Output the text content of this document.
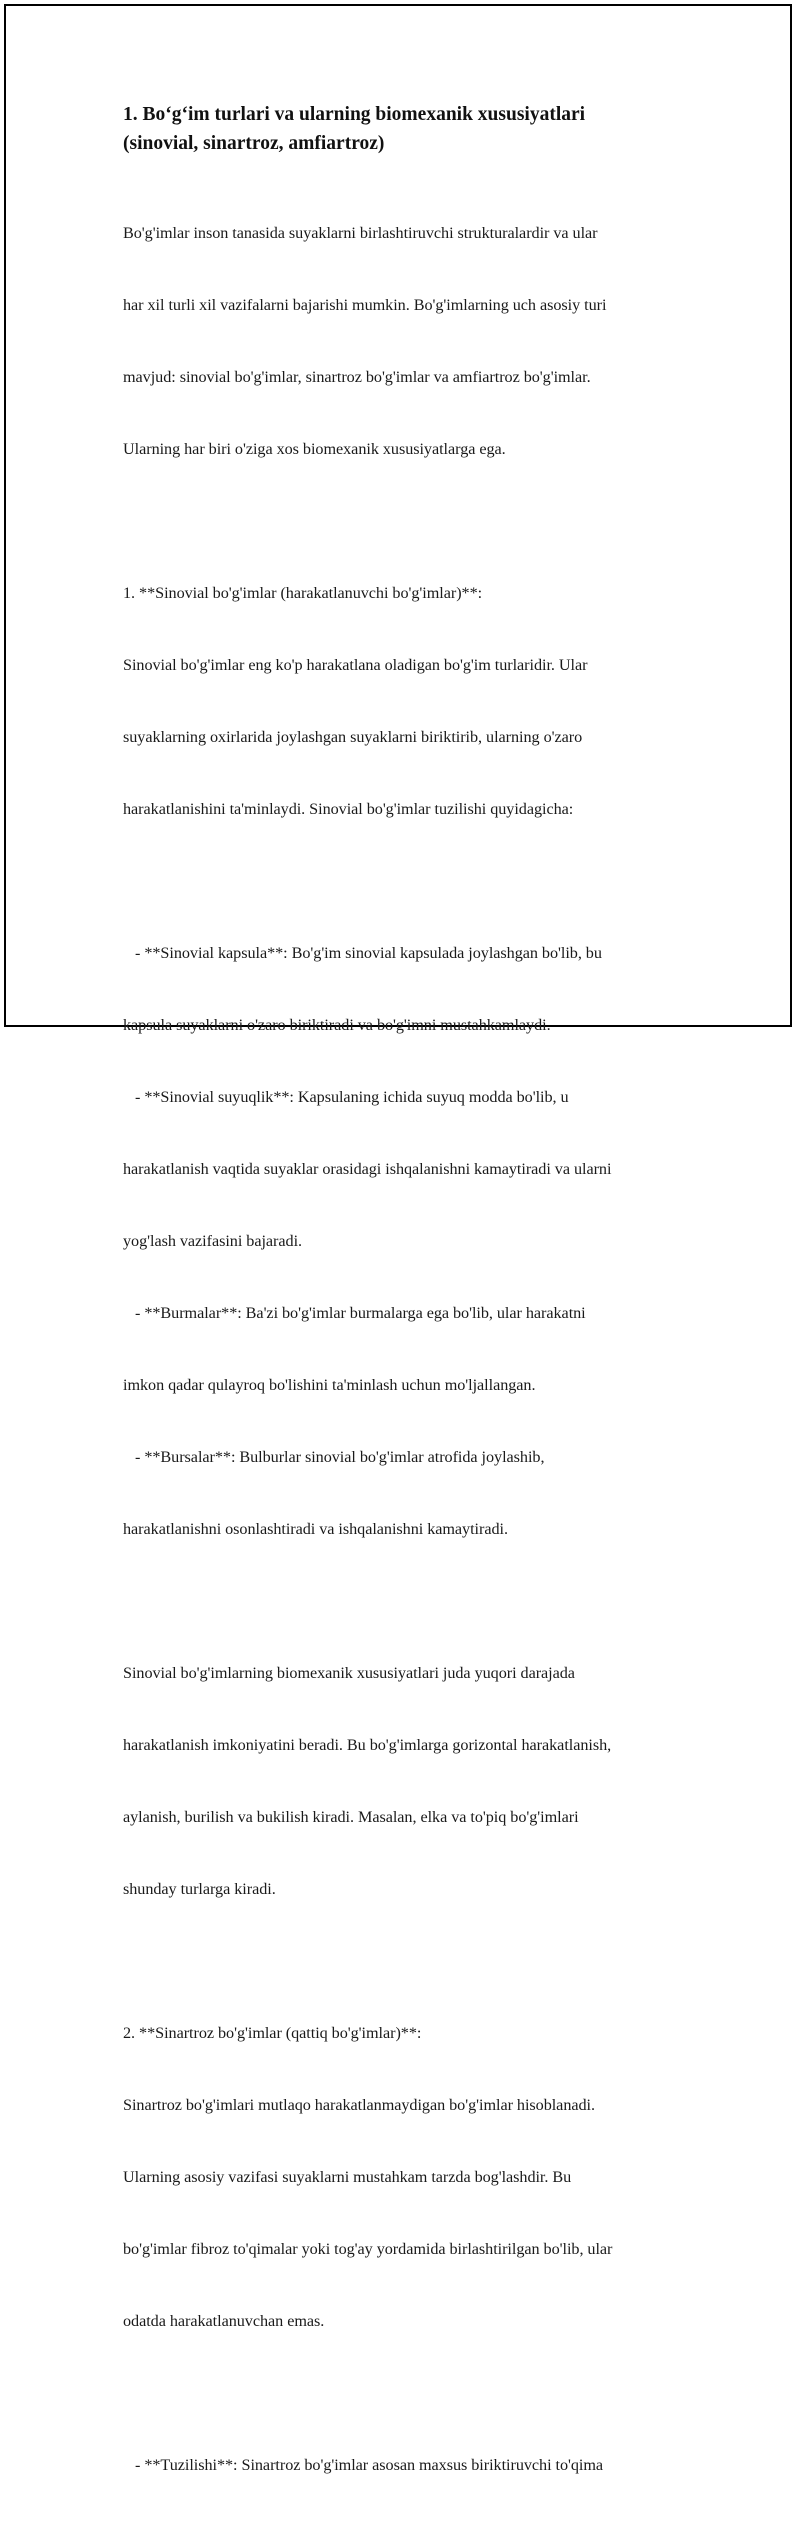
1. Bo‘g‘im turlari va ularning biomexanik xususiyatlari
(sinovial, sinartroz, amfiartroz)

Bo'g'imlar inson tanasida suyaklarni birlashtiruvchi strukturalardir va ular

har xil turli xil vazifalarni bajarishi mumkin. Bo'g'imlarning uch asosiy turi

mavjud: sinovial bo'g'imlar, sinartroz bo'g'imlar va amfiartroz bo'g'imlar.

Ularning har biri o'ziga xos biomexanik xususiyatlarga ega.

1. **Sinovial bo'g'imlar (harakatlanuvchi bo'g'imlar)**:

Sinovial bo'g'imlar eng ko'p harakatlana oladigan bo'g'im turlaridir. Ular

suyaklarning oxirlarida joylashgan suyaklarni biriktirib, ularning o'zaro

harakatlanishini ta'minlaydi. Sinovial bo'g'imlar tuzilishi quyidagicha:

- **Sinovial kapsula**: Bo'g'im sinovial kapsulada joylashgan bo'lib, bu

kapsula suyaklarni o'zaro biriktiradi va bo'g'imni mustahkamlaydi.

- **Sinovial suyuqlik**: Kapsulaning ichida suyuq modda bo'lib, u

harakatlanish vaqtida suyaklar orasidagi ishqalanishni kamaytiradi va ularni

yog'lash vazifasini bajaradi.

- **Burmalar**: Ba'zi bo'g'imlar burmalarga ega bo'lib, ular harakatni

imkon qadar qulayroq bo'lishini ta'minlash uchun mo'ljallangan.

- **Bursalar**: Bulburlar sinovial bo'g'imlar atrofida joylashib,

harakatlanishni osonlashtiradi va ishqalanishni kamaytiradi.

Sinovial bo'g'imlarning biomexanik xususiyatlari juda yuqori darajada

harakatlanish imkoniyatini beradi. Bu bo'g'imlarga gorizontal harakatlanish,

aylanish, burilish va bukilish kiradi. Masalan, elka va to'piq bo'g'imlari

shunday turlarga kiradi.

2. **Sinartroz bo'g'imlar (qattiq bo'g'imlar)**:

Sinartroz bo'g'imlari mutlaqo harakatlanmaydigan bo'g'imlar hisoblanadi.

Ularning asosiy vazifasi suyaklarni mustahkam tarzda bog'lashdir. Bu

bo'g'imlar fibroz to'qimalar yoki tog'ay yordamida birlashtirilgan bo'lib, ular

odatda harakatlanuvchan emas.

- **Tuzilishi**: Sinartroz bo'g'imlar asosan maxsus biriktiruvchi to'qima
